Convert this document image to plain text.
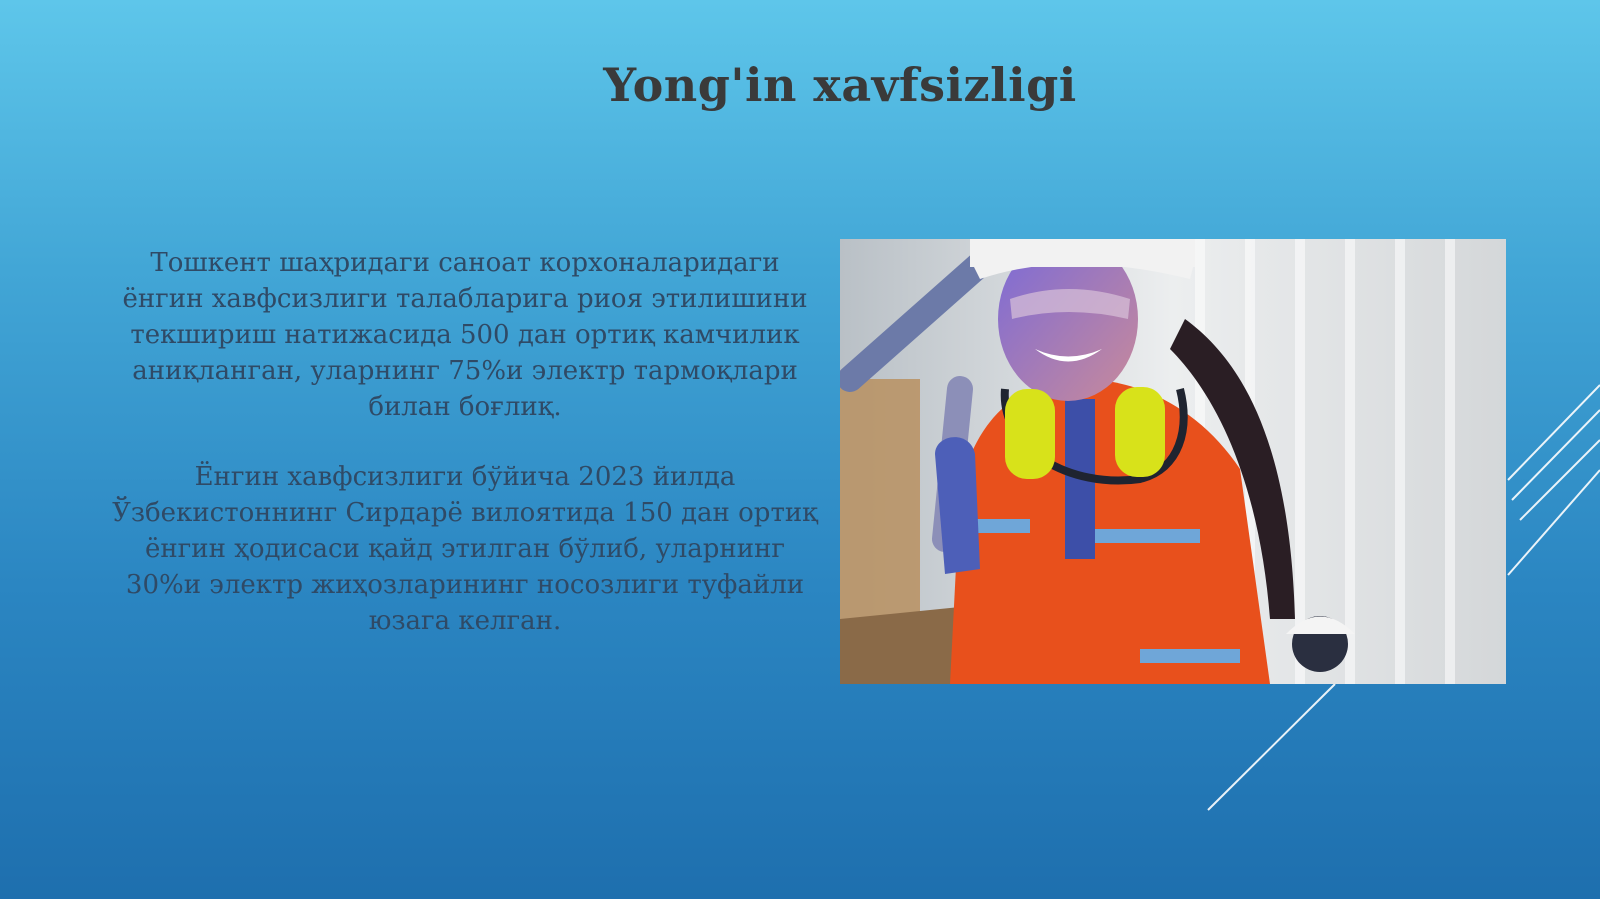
Yong'in xavfsizligi

Тошкент шаҳридаги саноат корхоналаридаги ёнгин хавфсизлиги талабларига риоя этилишини текшириш натижасида 500 дан ортиқ камчилик аниқланган, уларнинг 75%и электр тармоқлари билан боғлиқ.

Ёнгин хавфсизлиги бўйича 2023 йилда Ўзбекистоннинг Сирдарё вилоятида 150 дан ортиқ ёнгин ҳодисаси қайд этилган бўлиб, уларнинг 30%и электр жиҳозларининг носозлиги туфайли юзага келган.
